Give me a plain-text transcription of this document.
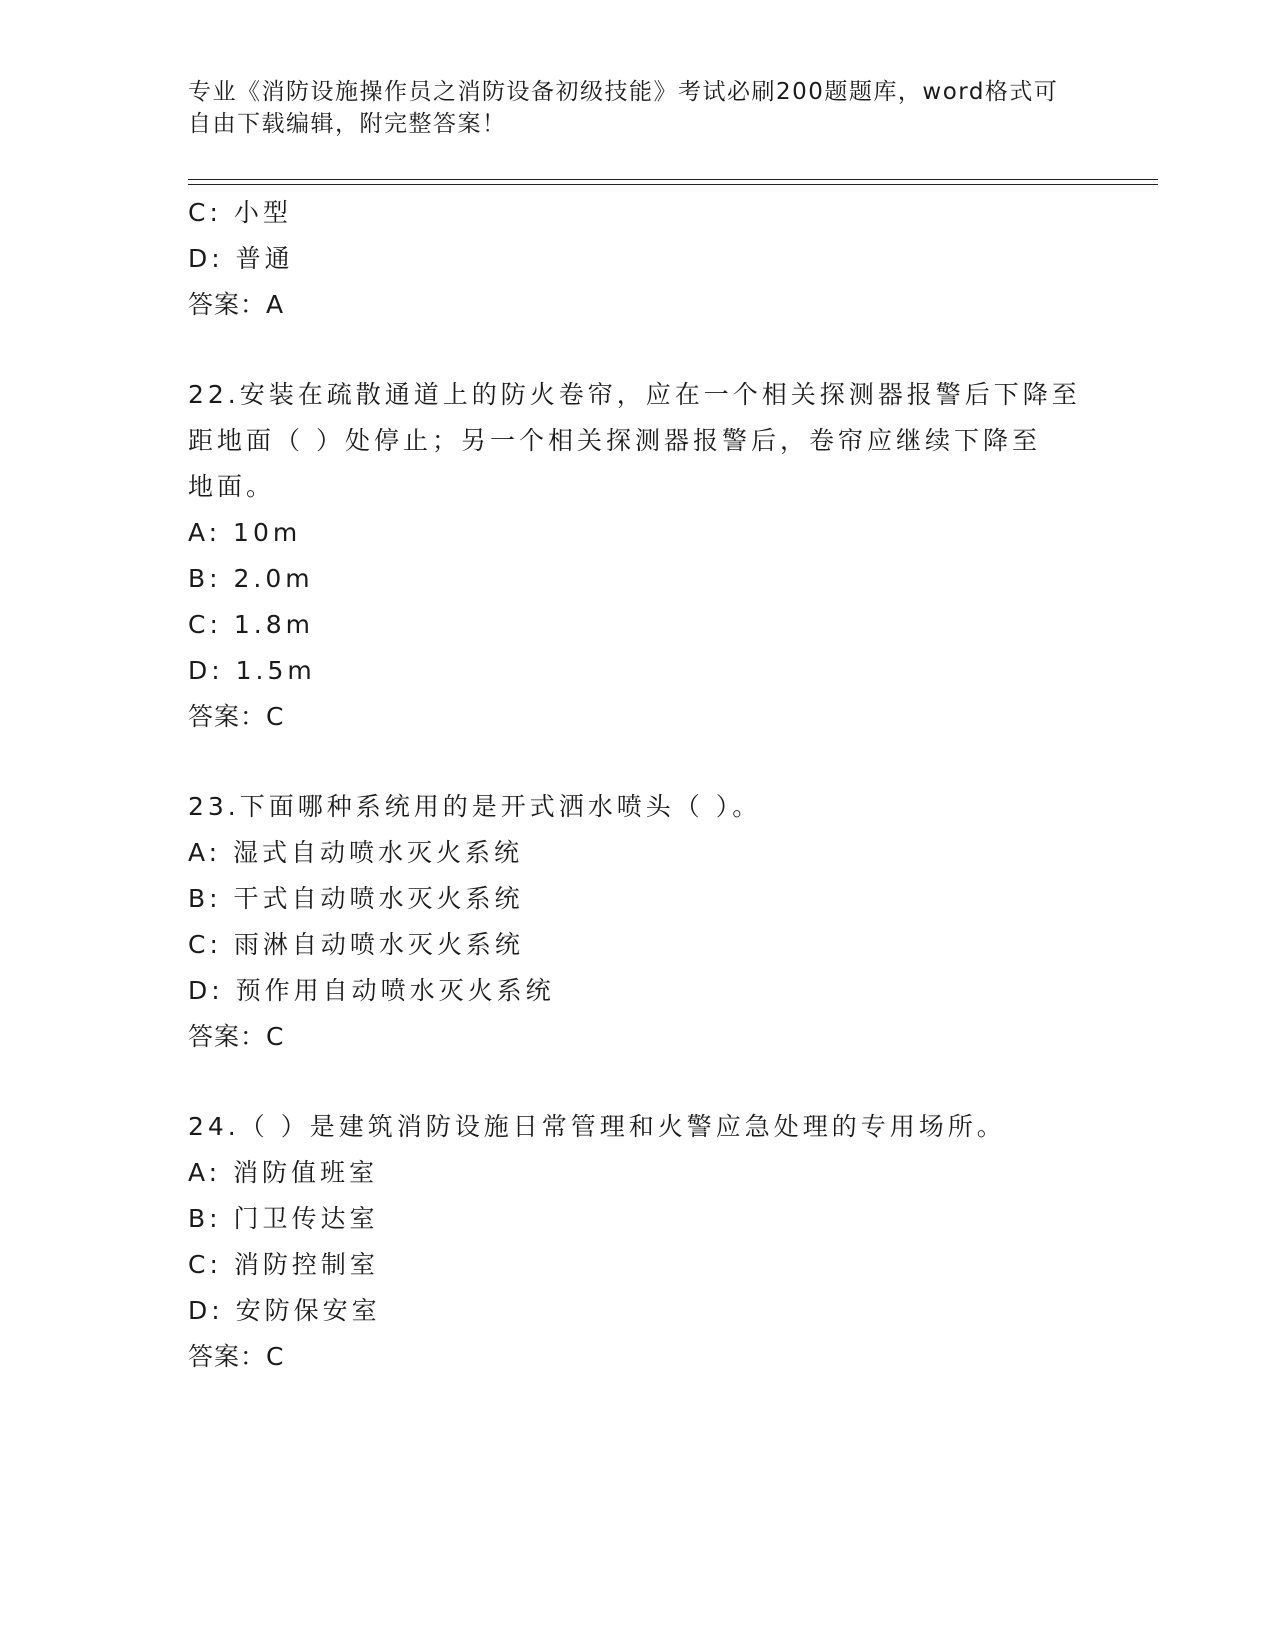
专业《消防设施操作员之消防设备初级技能》考试必刷200题题库，word格式可
自由下载编辑，附完整答案！
C: 小型
D: 普通
答案：A
22.安装在疏散通道上的防火卷帘，应在一个相关探测器报警后下降至
距地面（ ）处停止；另一个相关探测器报警后，卷帘应继续下降至
地面。
A: 10m
B: 2.0m
C: 1.8m
D: 1.5m
答案：C
23.下面哪种系统用的是开式洒水喷头（ ）。
A: 湿式自动喷水灭火系统
B: 干式自动喷水灭火系统
C: 雨淋自动喷水灭火系统
D: 预作用自动喷水灭火系统
答案：C
24.（ ）是建筑消防设施日常管理和火警应急处理的专用场所。
A: 消防值班室
B: 门卫传达室
C: 消防控制室
D: 安防保安室
答案：C
